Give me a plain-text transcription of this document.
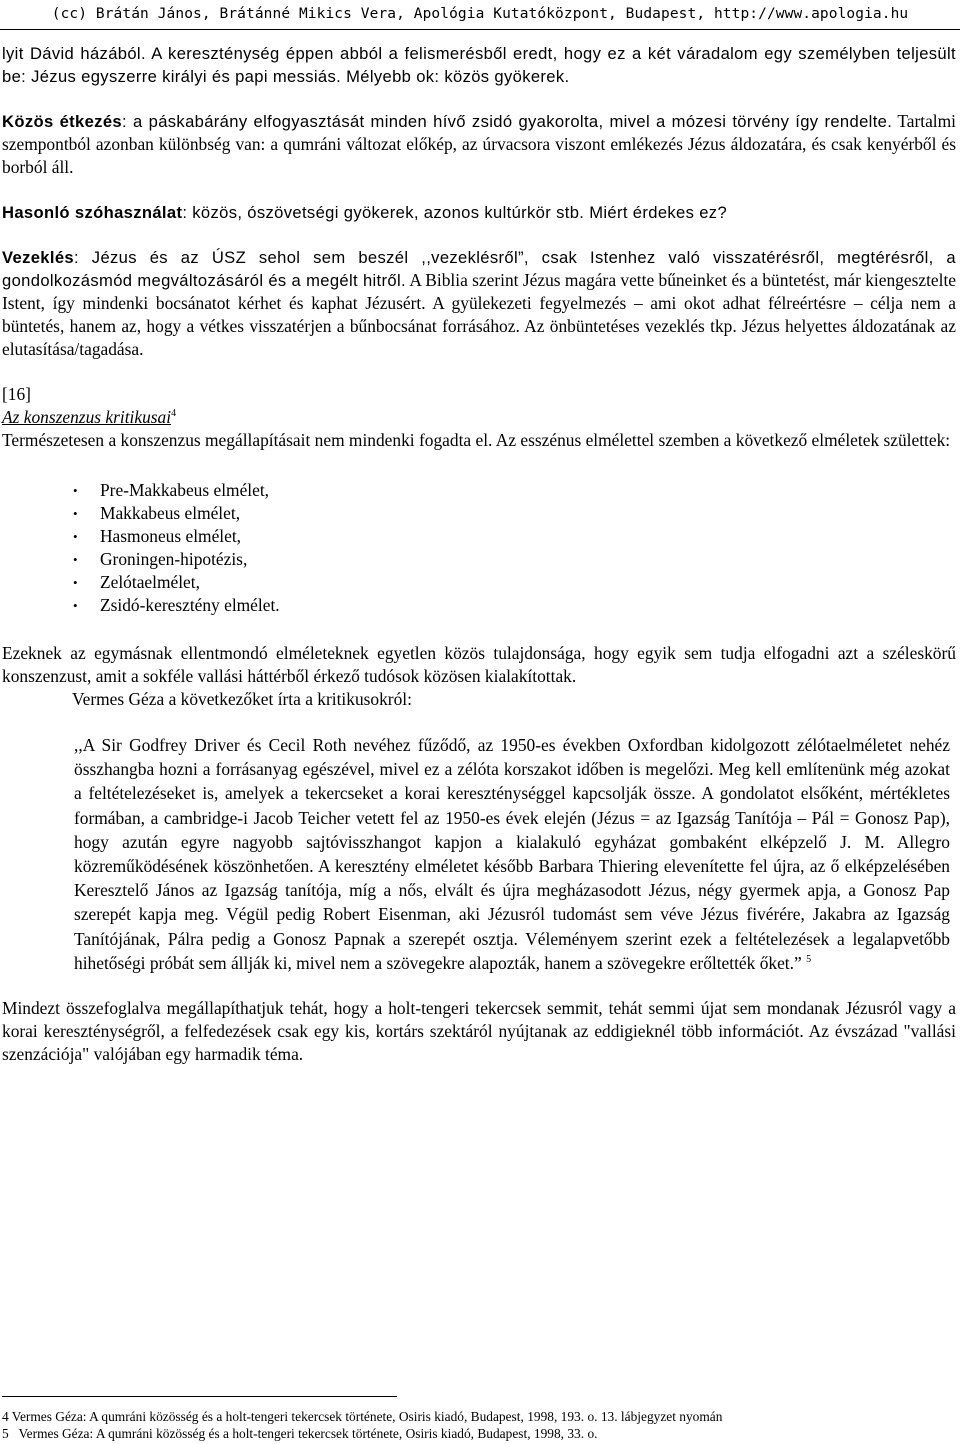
(cc) Brátán János, Brátánné Mikics Vera, Apológia Kutatóközpont, Budapest, http://www.apologia.hu

lyit Dávid házából. A kereszténység éppen abból a felismerésből eredt, hogy ez a két váradalom egy személyben teljesült be: Jézus egyszerre királyi és papi messiás. Mélyebb ok: közös gyökerek.

Közös étkezés: a páskabárány elfogyasztását minden hívő zsidó gyakorolta, mivel a mózesi törvény így rendelte. Tartalmi szempontból azonban különbség van: a qumráni változat előkép, az úrvacsora viszont emlékezés Jézus áldozatára, és csak kenyérből és borból áll.

Hasonló szóhasználat: közös, ószövetségi gyökerek, azonos kultúrkör stb. Miért érdekes ez?

Vezeklés: Jézus és az ÚSZ sehol sem beszél ,,vezeklésről”, csak Istenhez való visszatérésről, megtérésről, a gondolkozásmód megváltozásáról és a megélt hitről. A Biblia szerint Jézus magára vette bűneinket és a büntetést, már kiengesztelte Istent, így mindenki bocsánatot kérhet és kaphat Jézusért. A gyülekezeti fegyelmezés – ami okot adhat félreértésre – célja nem a büntetés, hanem az, hogy a vétkes visszatérjen a bűnbocsánat forrásához. Az önbüntetéses vezeklés tkp. Jézus helyettes áldozatának az elutasítása/tagadása.

[16]

Az konszenzus kritikusai$^4$

Természetesen a konszenzus megállapításait nem mindenki fogadta el. Az esszénus elmélettel szemben a következő elméletek születtek:

• Pre-Makkabeus elmélet,
• Makkabeus elmélet,
• Hasmoneus elmélet,
• Groningen-hipotézis,
• Zelótaelmélet,
• Zsidó-keresztény elmélet.

Ezeknek az egymásnak ellentmondó elméleteknek egyetlen közös tulajdonsága, hogy egyik sem tudja elfogadni azt a széleskörű konszenzust, amit a sokféle vallási háttérből érkező tudósok közösen kialakítottak.

Vermes Géza a következőket írta a kritikusokról:

,,A Sir Godfrey Driver és Cecil Roth nevéhez fűződő, az 1950-es években Oxfordban kidolgozott zélótaelméletet nehéz összhangba hozni a forrásanyag egészével, mivel ez a zélóta korszakot időben is megelőzi. Meg kell említenünk még azokat a feltételezéseket is, amelyek a tekercseket a korai kereszténységgel kapcsolják össze. A gondolatot elsőként, mértékletes formában, a cambridge-i Jacob Teicher vetett fel az 1950-es évek elején (Jézus = az Igazság Tanítója – Pál = Gonosz Pap), hogy azután egyre nagyobb sajtóvisszhangot kapjon a kialakuló egyházat gombaként elképzelő J. M. Allegro közreműködésének köszönhetően. A keresztény elméletet később Barbara Thiering elevenítette fel újra, az ő elképzelésében Keresztelő János az Igazság tanítója, míg a nős, elvált és újra megházasodott Jézus, négy gyermek apja, a Gonosz Pap szerepét kapja meg. Végül pedig Robert Eisenman, aki Jézusról tudomást sem véve Jézus fivérére, Jakabra az Igazság Tanítójának, Pálra pedig a Gonosz Papnak a szerepét osztja. Véleményem szerint ezek a feltételezések a legalapvetőbb hihetőségi próbát sem állják ki, mivel nem a szövegekre alapozták, hanem a szövegekre erőltették őket.” $^5$

Mindezt összefoglalva megállapíthatjuk tehát, hogy a holt-tengeri tekercsek semmit, tehát semmi újat sem mondanak Jézusról vagy a korai kereszténységről, a felfedezések csak egy kis, kortárs szektáról nyújtanak az eddigieknél több információt. Az évszázad "vallási szenzációja" valójában egy harmadik téma.

4 Vermes Géza: A qumráni közösség és a holt-tengeri tekercsek története, Osiris kiadó, Budapest, 1998, 193. o. 13. lábjegyzet nyomán

5   Vermes Géza: A qumráni közösség és a holt-tengeri tekercsek története, Osiris kiadó, Budapest, 1998, 33. o.
